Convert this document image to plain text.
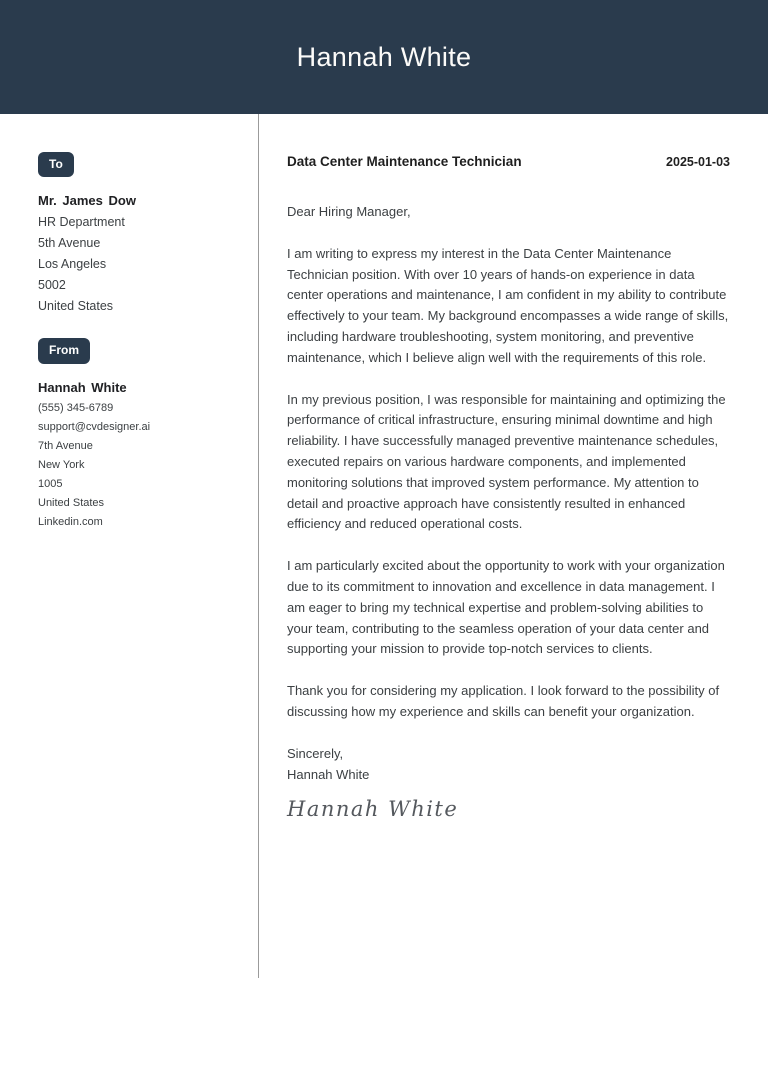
Hannah White
To
Mr. James Dow
HR Department
5th Avenue
Los Angeles
5002
United States
From
Hannah White
(555) 345-6789
support@cvdesigner.ai
7th Avenue
New York
1005
United States
Linkedin.com
Data Center Maintenance Technician	2025-01-03
Dear Hiring Manager,

I am writing to express my interest in the Data Center Maintenance Technician position. With over 10 years of hands-on experience in data center operations and maintenance, I am confident in my ability to contribute effectively to your team. My background encompasses a wide range of skills, including hardware troubleshooting, system monitoring, and preventive maintenance, which I believe align well with the requirements of this role.

In my previous position, I was responsible for maintaining and optimizing the performance of critical infrastructure, ensuring minimal downtime and high reliability. I have successfully managed preventive maintenance schedules, executed repairs on various hardware components, and implemented monitoring solutions that improved system performance. My attention to detail and proactive approach have consistently resulted in enhanced efficiency and reduced operational costs.

I am particularly excited about the opportunity to work with your organization due to its commitment to innovation and excellence in data management. I am eager to bring my technical expertise and problem-solving abilities to your team, contributing to the seamless operation of your data center and supporting your mission to provide top-notch services to clients.

Thank you for considering my application. I look forward to the possibility of discussing how my experience and skills can benefit your organization.

Sincerely,
Hannah White
Hannah White
